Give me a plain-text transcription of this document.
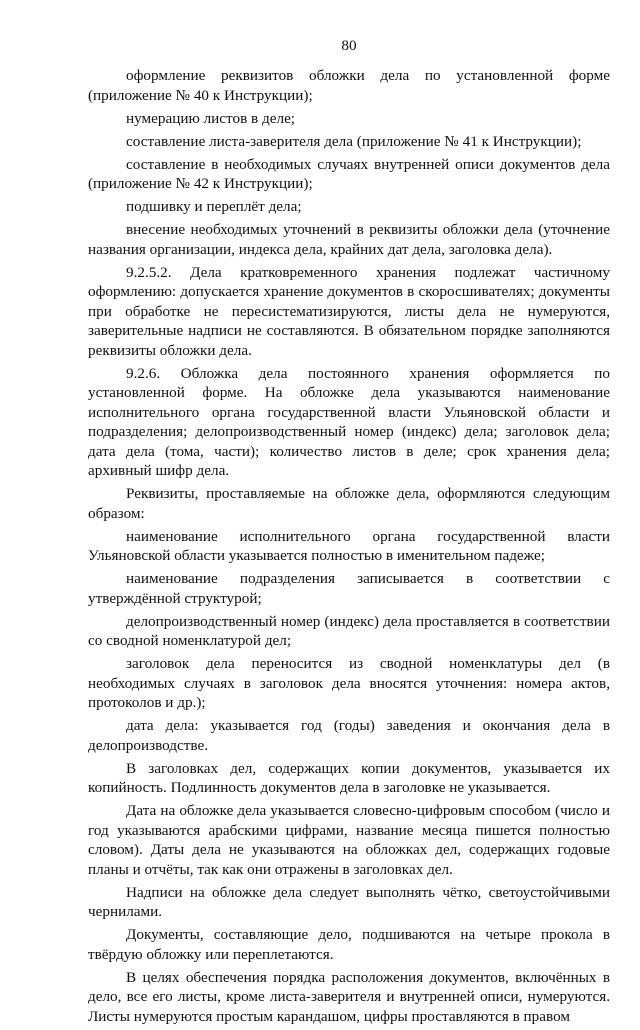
80

оформление реквизитов обложки дела по установленной форме (приложение № 40 к Инструкции);

нумерацию листов в деле;

составление листа-заверителя дела (приложение № 41 к Инструкции);

составление в необходимых случаях внутренней описи документов дела (приложение № 42 к Инструкции);

подшивку и переплёт дела;

внесение необходимых уточнений в реквизиты обложки дела (уточнение названия организации, индекса дела, крайних дат дела, заголовка дела).

9.2.5.2. Дела кратковременного хранения подлежат частичному оформлению: допускается хранение документов в скоросшивателях; документы при обработке не пересистематизируются, листы дела не нумеруются, заверительные надписи не составляются. В обязательном порядке заполняются реквизиты обложки дела.

9.2.6. Обложка дела постоянного хранения оформляется по установленной форме. На обложке дела указываются наименование исполнительного органа государственной власти Ульяновской области и подразделения; делопроизводственный номер (индекс) дела; заголовок дела; дата дела (тома, части); количество листов в деле; срок хранения дела; архивный шифр дела.

Реквизиты, проставляемые на обложке дела, оформляются следующим образом:

наименование исполнительного органа государственной власти Ульяновской области указывается полностью в именительном падеже;

наименование подразделения записывается в соответствии с утверждённой структурой;

делопроизводственный номер (индекс) дела проставляется в соответствии со сводной номенклатурой дел;

заголовок дела переносится из сводной номенклатуры дел (в необходимых случаях в заголовок дела вносятся уточнения: номера актов, протоколов и др.);

дата дела: указывается год (годы) заведения и окончания дела в делопроизводстве.

В заголовках дел, содержащих копии документов, указывается их копийность. Подлинность документов дела в заголовке не указывается.

Дата на обложке дела указывается словесно-цифровым способом (число и год указываются арабскими цифрами, название месяца пишется полностью словом). Даты дела не указываются на обложках дел, содержащих годовые планы и отчёты, так как они отражены в заголовках дел.

Надписи на обложке дела следует выполнять чётко, светоустойчивыми чернилами.

Документы, составляющие дело, подшиваются на четыре прокола в твёрдую обложку или переплетаются.

В целях обеспечения порядка расположения документов, включённых в дело, все его листы, кроме листа-заверителя и внутренней описи, нумеруются. Листы нумеруются простым карандашом, цифры проставляются в правом
